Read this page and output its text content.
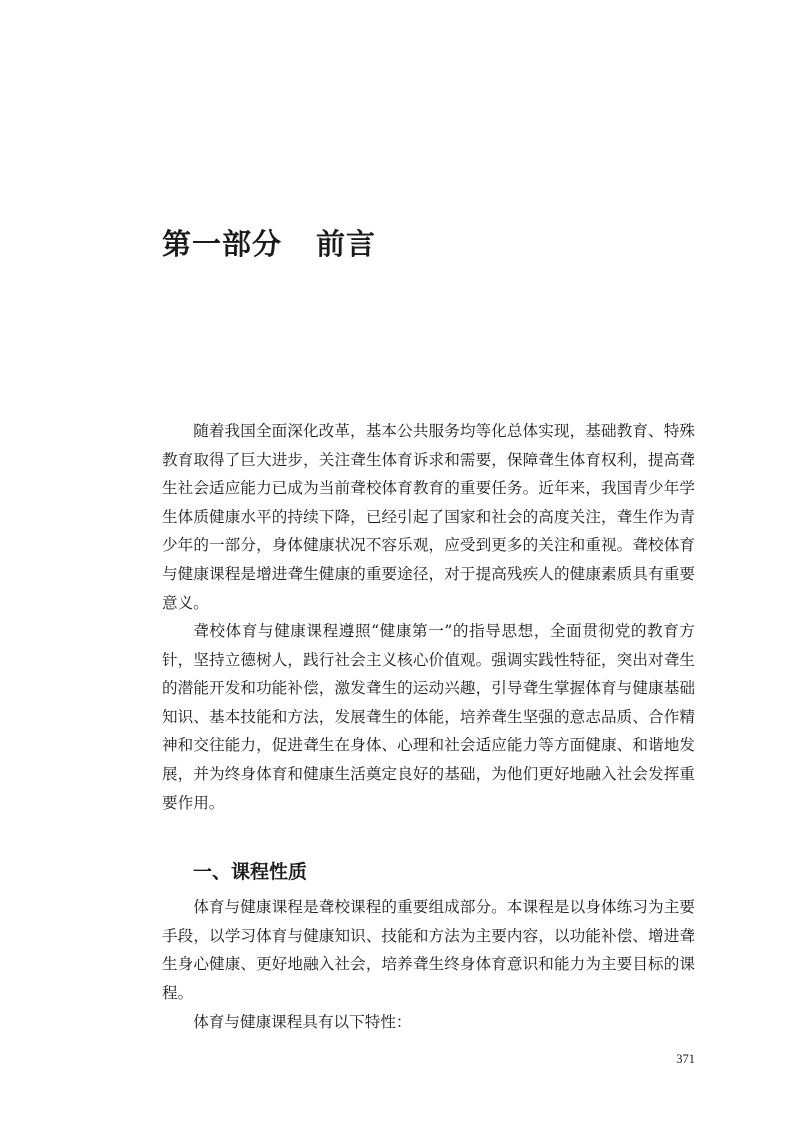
第一部分 前言

随着我国全面深化改革，基本公共服务均等化总体实现，基础教育、特殊教育取得了巨大进步，关注聋生体育诉求和需要，保障聋生体育权利，提高聋生社会适应能力已成为当前聋校体育教育的重要任务。近年来，我国青少年学生体质健康水平的持续下降，已经引起了国家和社会的高度关注，聋生作为青少年的一部分，身体健康状况不容乐观，应受到更多的关注和重视。聋校体育与健康课程是增进聋生健康的重要途径，对于提高残疾人的健康素质具有重要意义。

聋校体育与健康课程遵照“健康第一”的指导思想，全面贯彻党的教育方针，坚持立德树人，践行社会主义核心价值观。强调实践性特征，突出对聋生的潜能开发和功能补偿，激发聋生的运动兴趣，引导聋生掌握体育与健康基础知识、基本技能和方法，发展聋生的体能，培养聋生坚强的意志品质、合作精神和交往能力，促进聋生在身体、心理和社会适应能力等方面健康、和谐地发展，并为终身体育和健康生活奠定良好的基础，为他们更好地融入社会发挥重要作用。

一、课程性质

体育与健康课程是聋校课程的重要组成部分。本课程是以身体练习为主要手段，以学习体育与健康知识、技能和方法为主要内容，以功能补偿、增进聋生身心健康、更好地融入社会，培养聋生终身体育意识和能力为主要目标的课程。

体育与健康课程具有以下特性：

371
